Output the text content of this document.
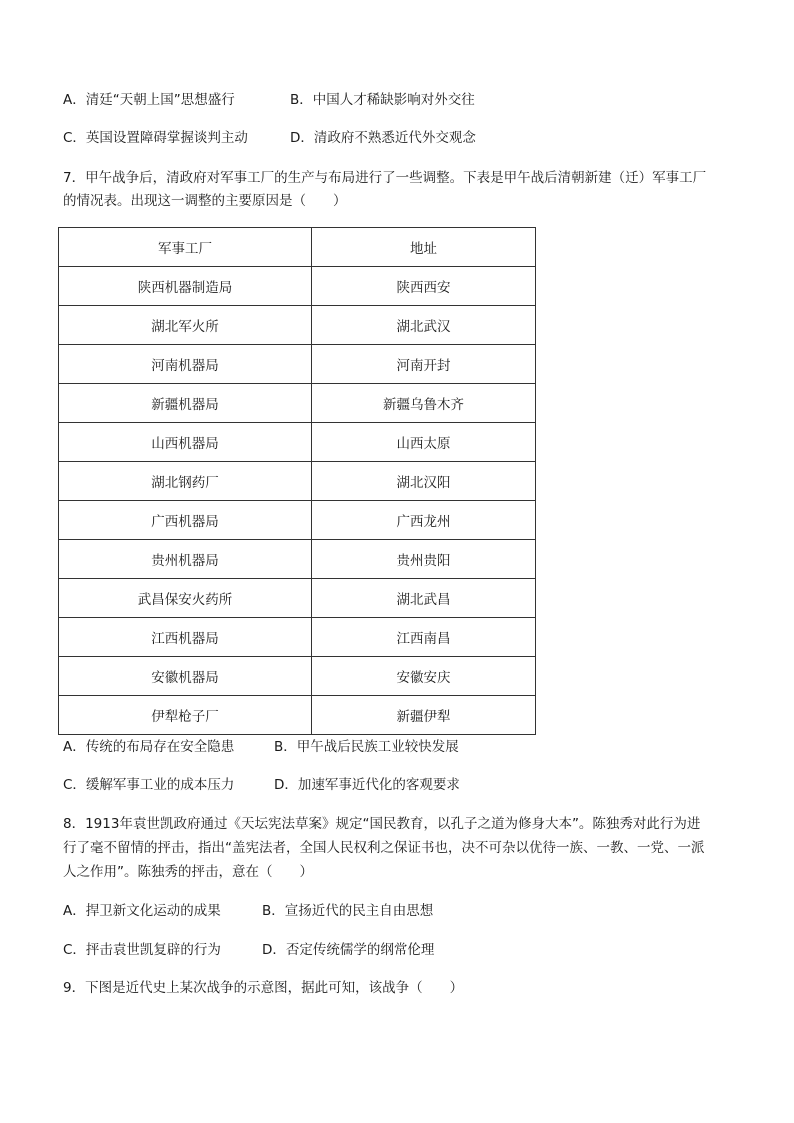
A．清廷“天朝上国”思想盛行	B．中国人才稀缺影响对外交往
C．英国设置障碍掌握谈判主动	D．清政府不熟悉近代外交观念
7．甲午战争后，清政府对军事工厂的生产与布局进行了一些调整。下表是甲午战后清朝新建（迁）军事工厂
的情况表。出现这一调整的主要原因是（　　）
军事工厂	地址
陕西机器制造局	陕西西安
湖北军火所	湖北武汉
河南机器局	河南开封
新疆机器局	新疆乌鲁木齐
山西机器局	山西太原
湖北钢药厂	湖北汉阳
广西机器局	广西龙州
贵州机器局	贵州贵阳
武昌保安火药所	湖北武昌
江西机器局	江西南昌
安徽机器局	安徽安庆
伊犁枪子厂	新疆伊犁
A．传统的布局存在安全隐患	B．甲午战后民族工业较快发展
C．缓解军事工业的成本压力	D．加速军事近代化的客观要求
8．1913年袁世凯政府通过《天坛宪法草案》规定“国民教育，以孔子之道为修身大本”。陈独秀对此行为进
行了毫不留情的抨击，指出“盖宪法者，全国人民权利之保证书也，决不可杂以优待一族、一教、一党、一派
人之作用”。陈独秀的抨击，意在（　　）
A．捍卫新文化运动的成果	B．宣扬近代的民主自由思想
C．抨击袁世凯复辟的行为	D．否定传统儒学的纲常伦理
9．下图是近代史上某次战争的示意图，据此可知，该战争（　　）
